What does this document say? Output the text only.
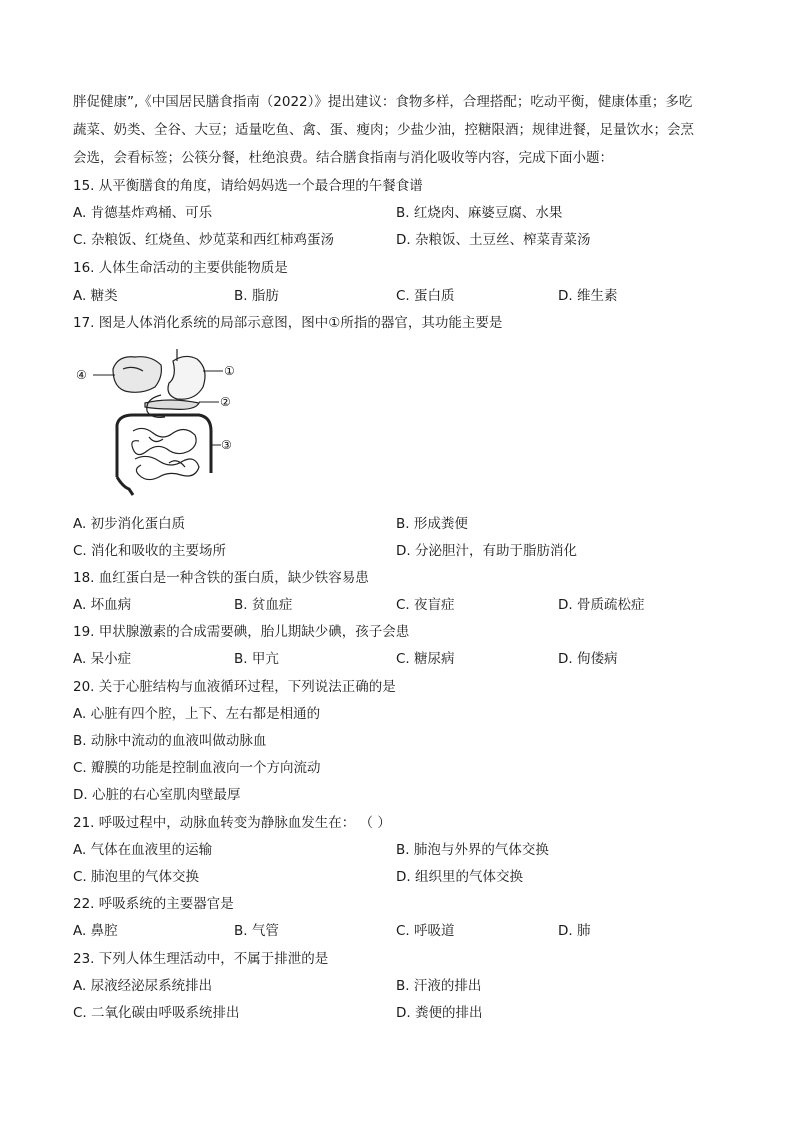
胖促健康”,《中国居民膳食指南（2022）》提出建议：食物多样，合理搭配；吃动平衡，健康体重；多吃
蔬菜、奶类、全谷、大豆；适量吃鱼、禽、蛋、瘦肉；少盐少油，控糖限酒；规律进餐，足量饮水；会烹
会选，会看标签；公筷分餐，杜绝浪费。结合膳食指南与消化吸收等内容，完成下面小题：
15. 从平衡膳食的角度，请给妈妈选一个最合理的午餐食谱
A. 肯德基炸鸡桶、可乐	B. 红烧肉、麻婆豆腐、水果
C. 杂粮饭、红烧鱼、炒苋菜和西红柿鸡蛋汤	D. 杂粮饭、土豆丝、榨菜青菜汤
16. 人体生命活动的主要供能物质是
A. 糖类	B. 脂肪	C. 蛋白质	D. 维生素
17. 图是人体消化系统的局部示意图，图中①所指的器官，其功能主要是
①
②
③
④
A. 初步消化蛋白质	B. 形成粪便
C. 消化和吸收的主要场所	D. 分泌胆汁，有助于脂肪消化
18. 血红蛋白是一种含铁的蛋白质，缺少铁容易患
A. 坏血病	B. 贫血症	C. 夜盲症	D. 骨质疏松症
19. 甲状腺激素的合成需要碘，胎儿期缺少碘，孩子会患
A. 呆小症	B. 甲亢	C. 糖尿病	D. 佝偻病
20. 关于心脏结构与血液循环过程，下列说法正确的是
A. 心脏有四个腔，上下、左右都是相通的
B. 动脉中流动的血液叫做动脉血
C. 瓣膜的功能是控制血液向一个方向流动
D. 心脏的右心室肌肉壁最厚
21. 呼吸过程中，动脉血转变为静脉血发生在： （ ）
A. 气体在血液里的运输	B. 肺泡与外界的气体交换
C. 肺泡里的气体交换	D. 组织里的气体交换
22. 呼吸系统的主要器官是
A. 鼻腔	B. 气管	C. 呼吸道	D. 肺
23. 下列人体生理活动中，不属于排泄的是
A. 尿液经泌尿系统排出	B. 汗液的排出
C. 二氧化碳由呼吸系统排出	D. 粪便的排出
